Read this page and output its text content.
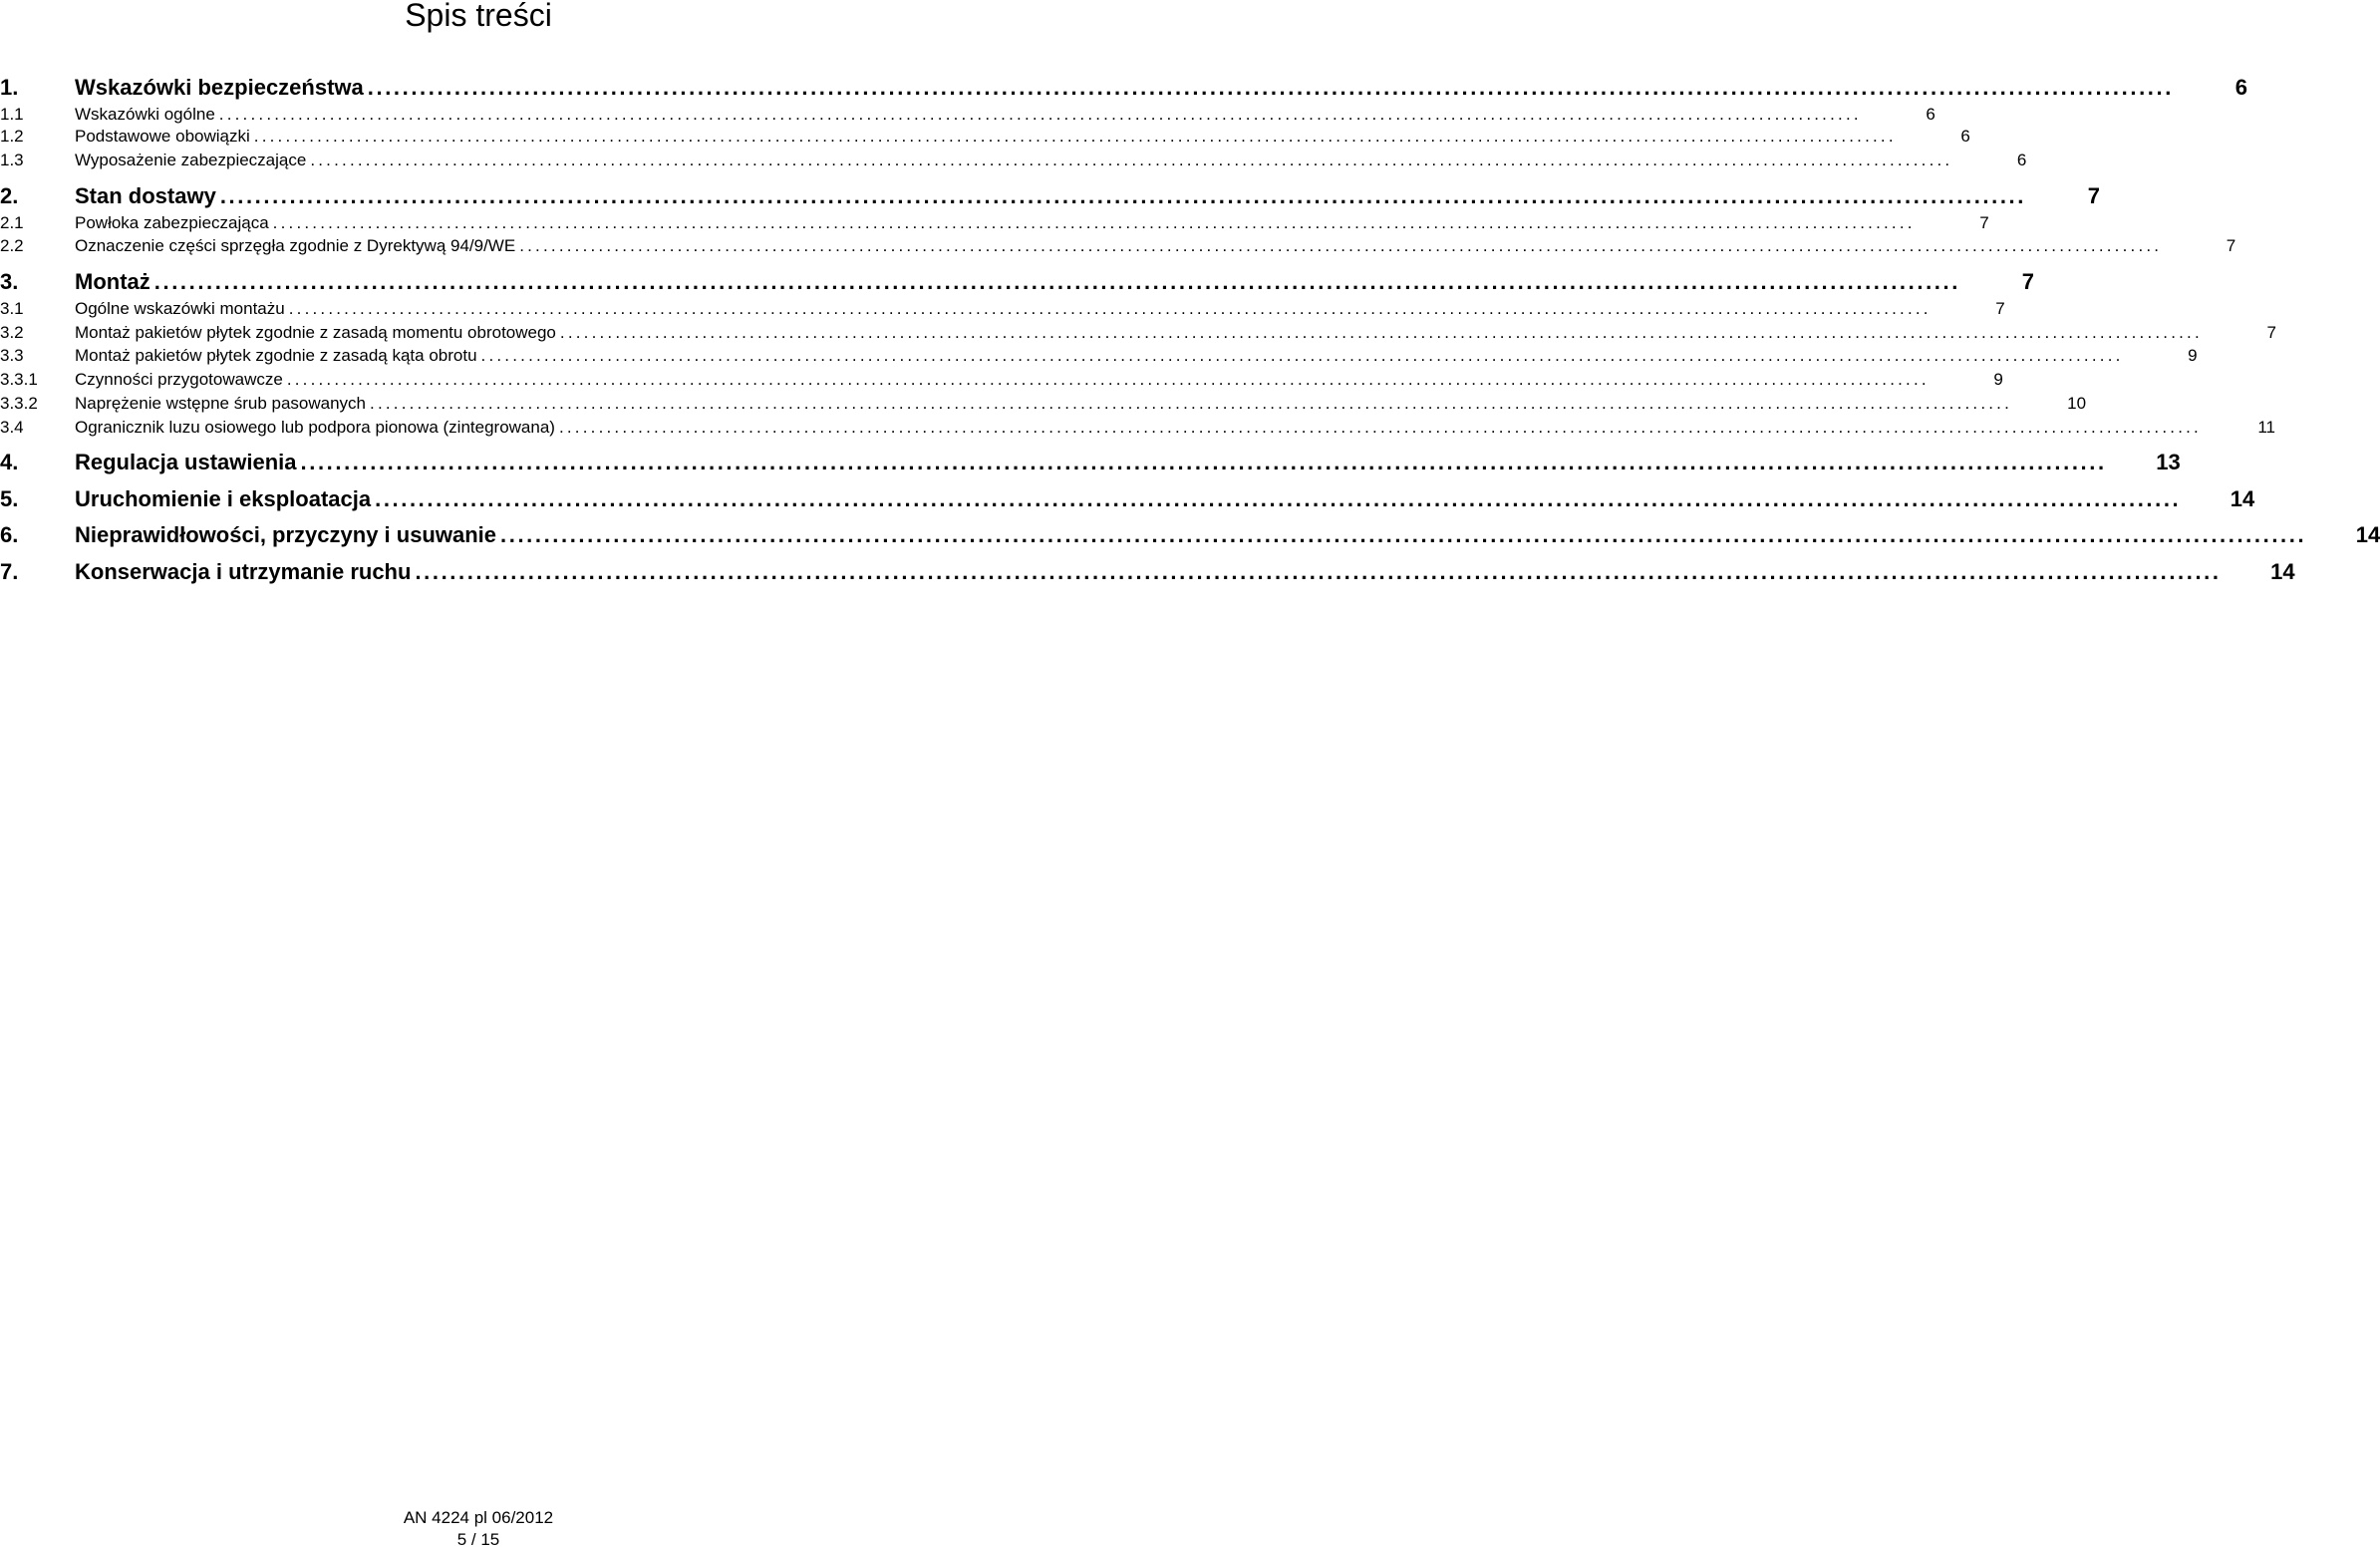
Spis treści
1.	Wskazówki bezpieczeństwa .....	6
1.1	Wskazówki ogólne .....	6
1.2	Podstawowe obowiązki .....	6
1.3	Wyposażenie zabezpieczające .....	6
2.	Stan dostawy .....	7
2.1	Powłoka zabezpieczająca .....	7
2.2	Oznaczenie części sprzęgła zgodnie z Dyrektywą 94/9/WE .....	7
3.	Montaż .....	7
3.1	Ogólne wskazówki montażu .....	7
3.2	Montaż pakietów płytek zgodnie z zasadą momentu obrotowego .....	7
3.3	Montaż pakietów płytek zgodnie z zasadą kąta obrotu .....	9
3.3.1	Czynności przygotowawcze .....	9
3.3.2	Naprężenie wstępne śrub pasowanych .....	10
3.4	Ogranicznik luzu osiowego lub podpora pionowa (zintegrowana) .....	11
4.	Regulacja ustawienia .....	13
5.	Uruchomienie i eksploatacja .....	14
6.	Nieprawidłowości, przyczyny i usuwanie .....	14
7.	Konserwacja i utrzymanie ruchu .....	14
AN 4224 pl 06/2012
5 / 15
